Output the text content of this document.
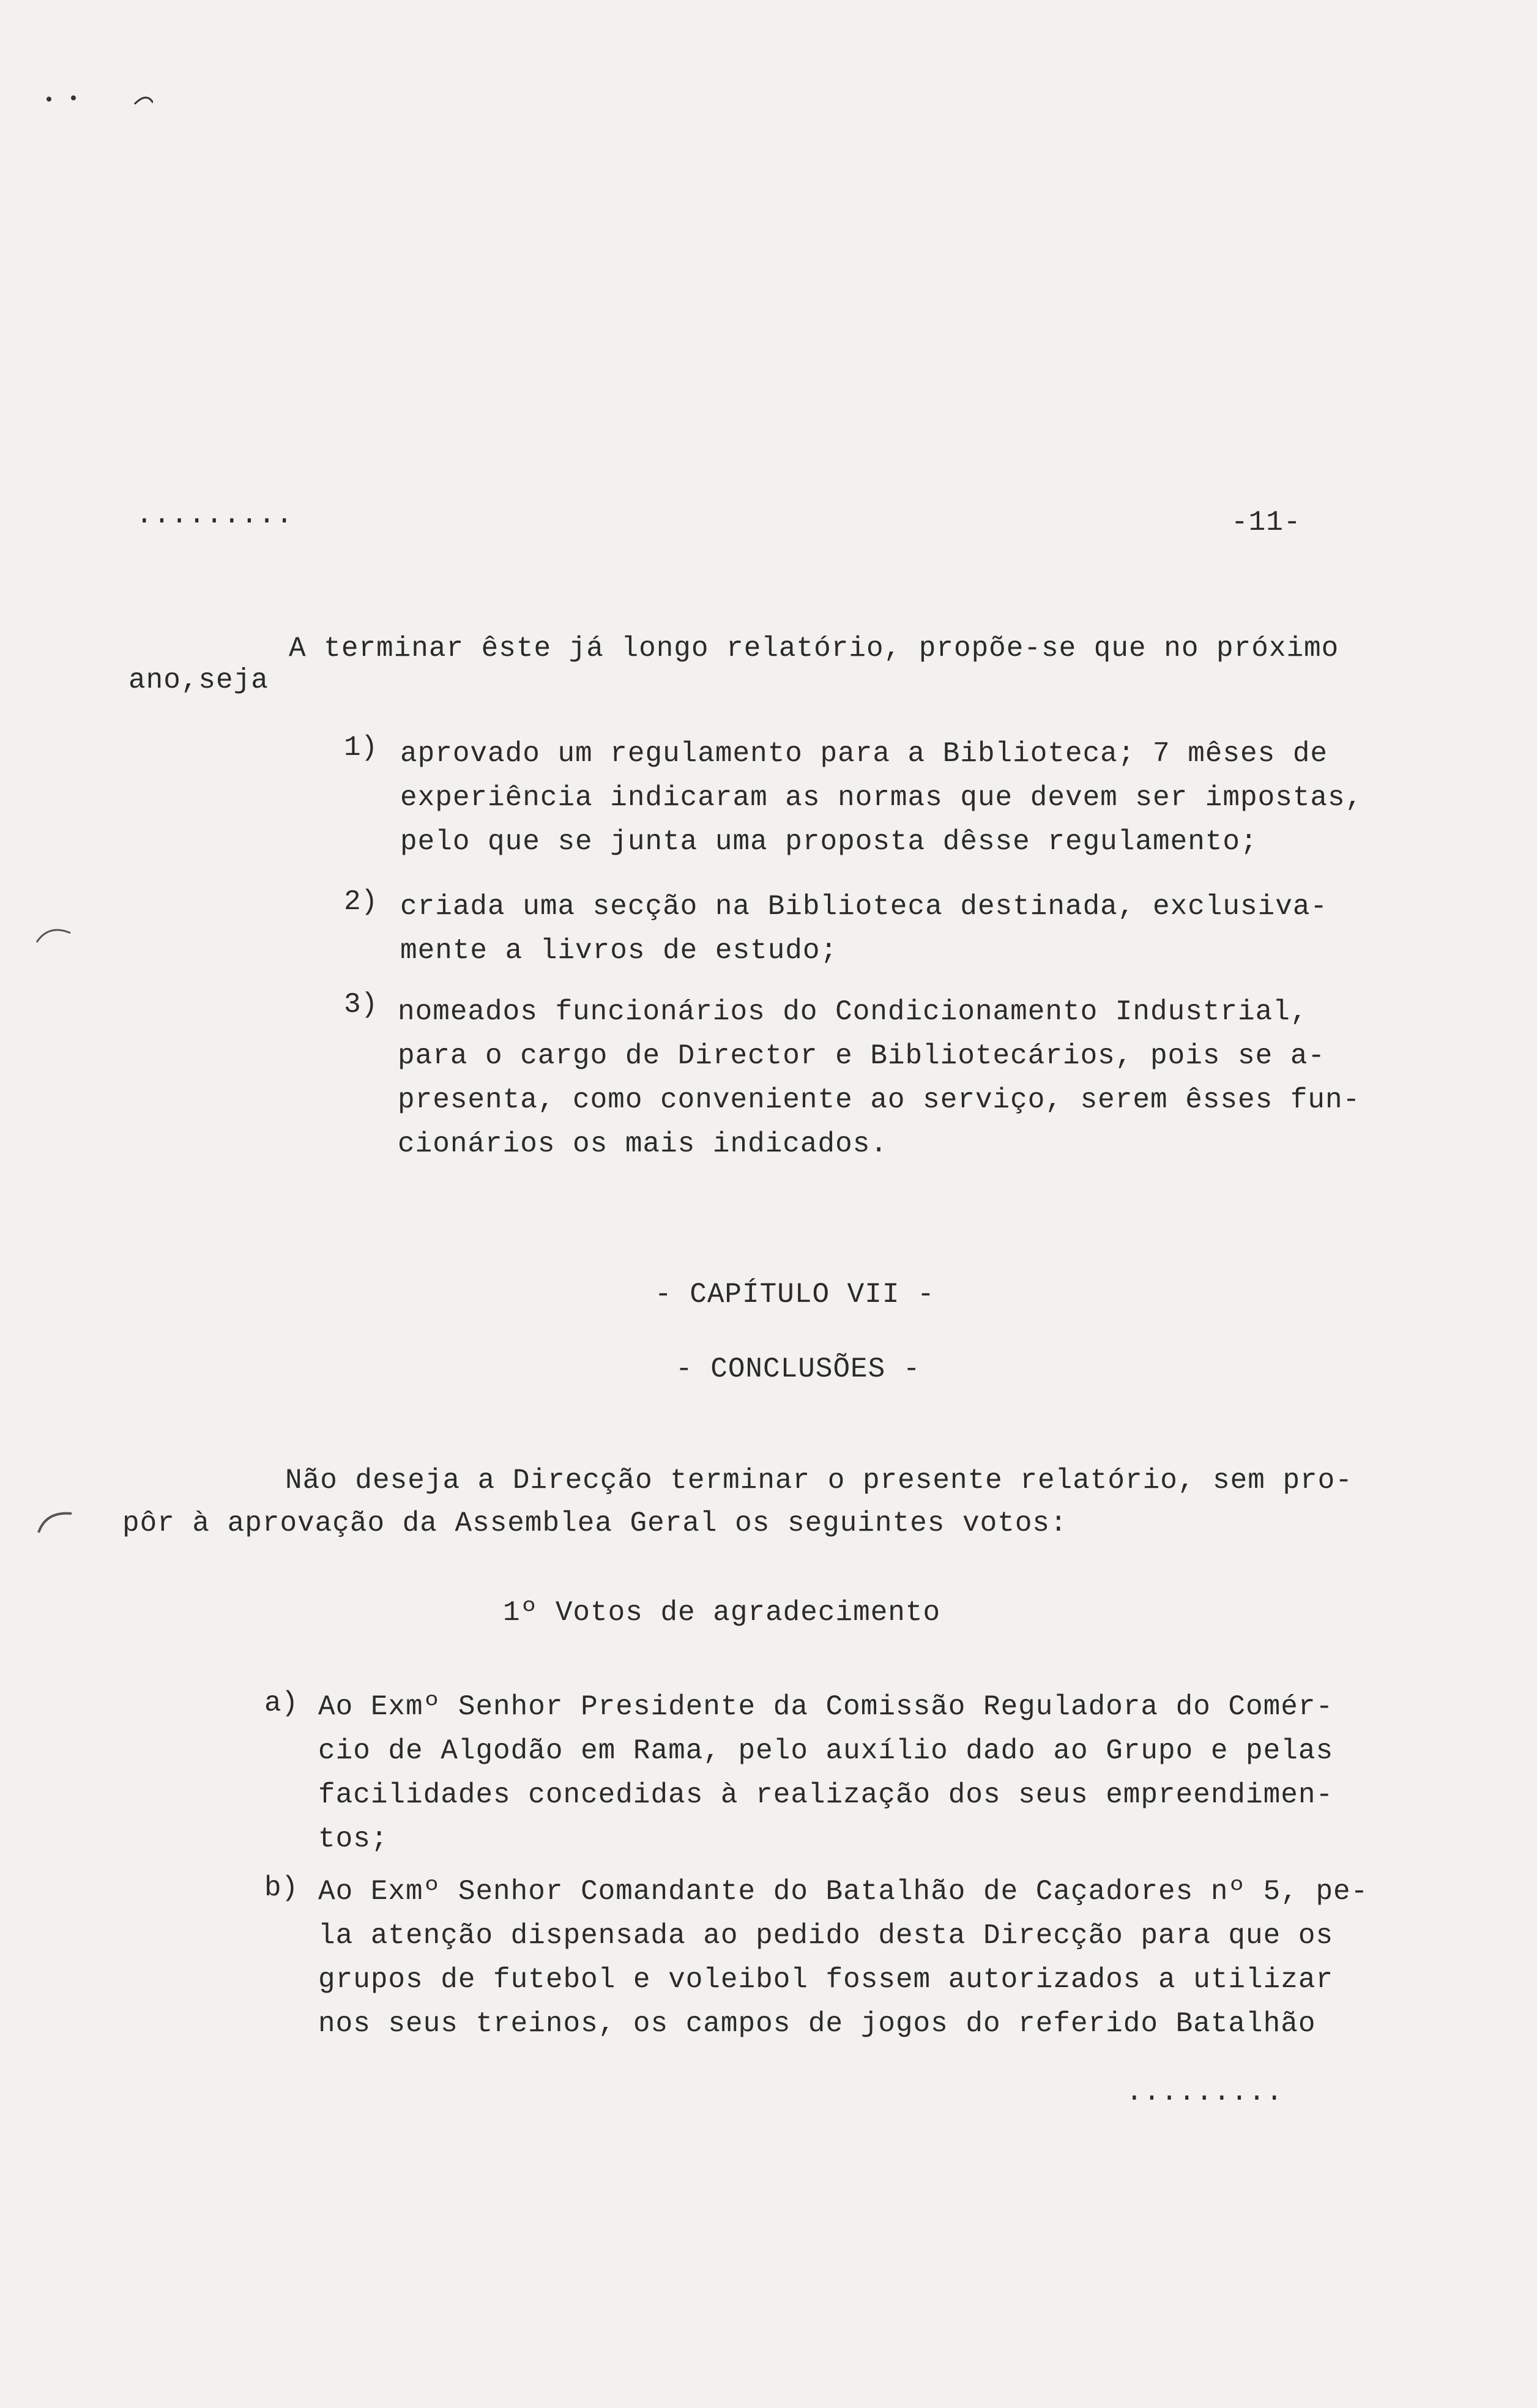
.........	-11-
A terminar êste já longo relatório, propõe-se que no próximo
ano,seja
1) aprovado um regulamento para a Biblioteca; 7 mêses de
experiência indicaram as normas que devem ser impostas,
pelo que se junta uma proposta dêsse regulamento;
2) criada uma secção na Biblioteca destinada, exclusiva-
mente a livros de estudo;
3) nomeados funcionários do Condicionamento Industrial,
para o cargo de Director e Bibliotecários, pois se a-
presenta, como conveniente ao serviço, serem êsses fun-
cionários os mais indicados.
- CAPÍTULO VII -
- CONCLUSÕES -
Não deseja a Direcção terminar o presente relatório, sem pro-
pôr à aprovação da Assemblea Geral os seguintes votos:
1º Votos de agradecimento
a) Ao Exmº Senhor Presidente da Comissão Reguladora do Comér-
cio de Algodão em Rama, pelo auxílio dado ao Grupo e pelas
facilidades concedidas à realização dos seus empreendimen-
tos;
b) Ao Exmº Senhor Comandante do Batalhão de Caçadores nº 5, pe-
la atenção dispensada ao pedido desta Direcção para que os
grupos de futebol e voleibol fossem autorizados a utilizar
nos seus treinos, os campos de jogos do referido Batalhão
.........
